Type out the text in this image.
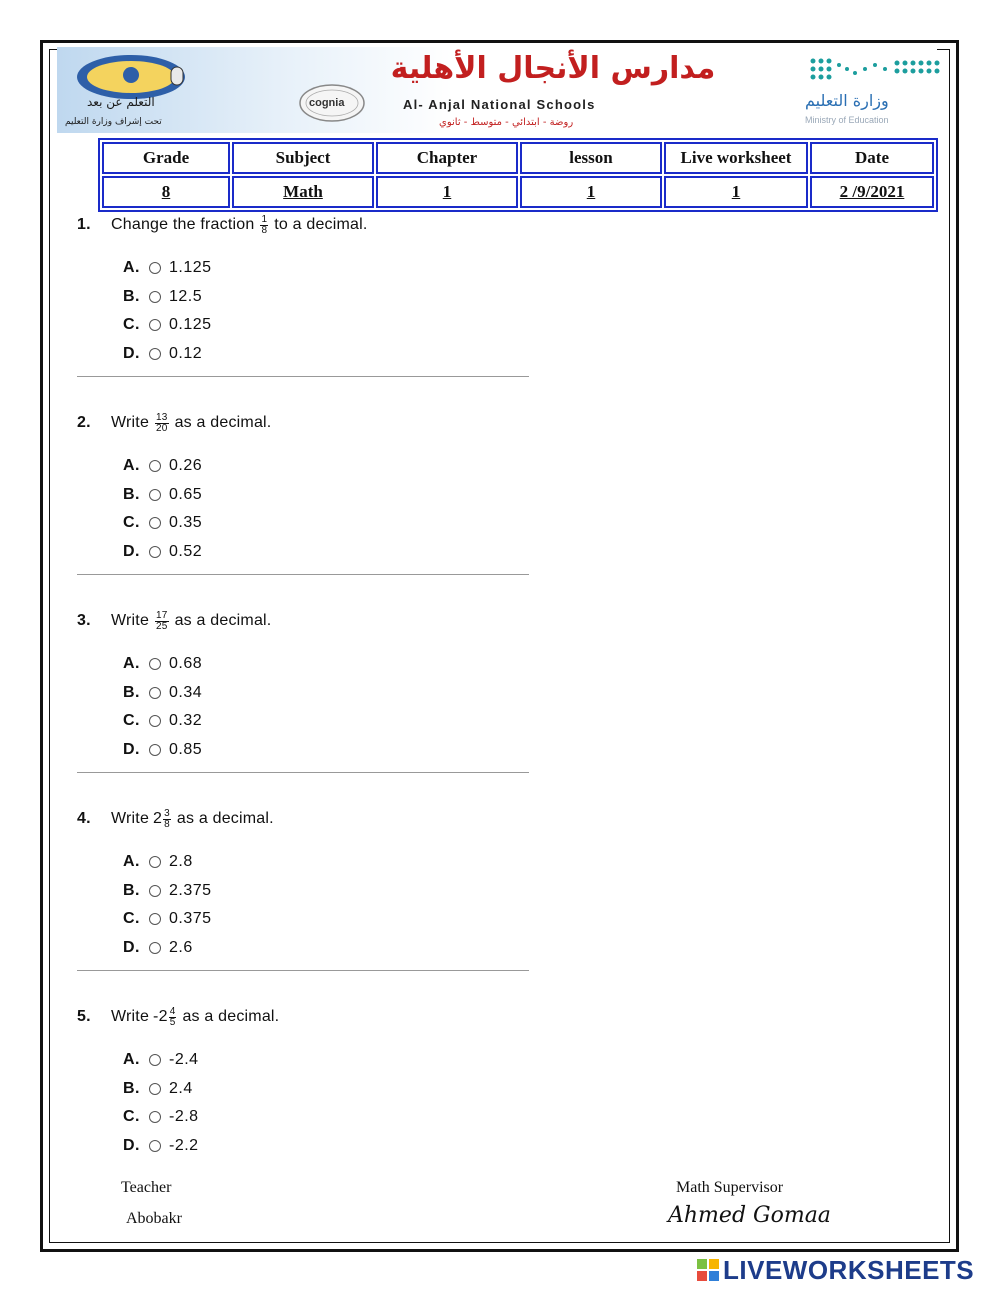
التعلم عن بعد
تحت إشراف وزارة التعليم
cognia
مدارس الأنجال الأهلية
Al- Anjal National Schools
روضة - ابتدائي - متوسط - ثانوي
وزارة التعليم
Ministry of Education
Grade	Subject	Chapter	lesson	Live worksheet	Date
8	Math	1	1	1	2 /9/2021
1.	Change the fraction $\frac{1}{8}$ to a decimal.
A.	1.125
B.	12.5
C.	0.125
D.	0.12
2.	Write $\frac{13}{20}$ as a decimal.
A.	0.26
B.	0.65
C.	0.35
D.	0.52
3.	Write $\frac{17}{25}$ as a decimal.
A.	0.68
B.	0.34
C.	0.32
D.	0.85
4.	Write $2 \frac{3}{8}$ as a decimal.
A.	2.8
B.	2.375
C.	0.375
D.	2.6
5.	Write $-2 \frac{4}{5}$ as a decimal.
A.	-2.4
B.	2.4
C.	-2.8
D.	-2.2
Teacher
Abobakr
Math Supervisor
Ahmed Gomaa
LIVEWORKSHEETS
